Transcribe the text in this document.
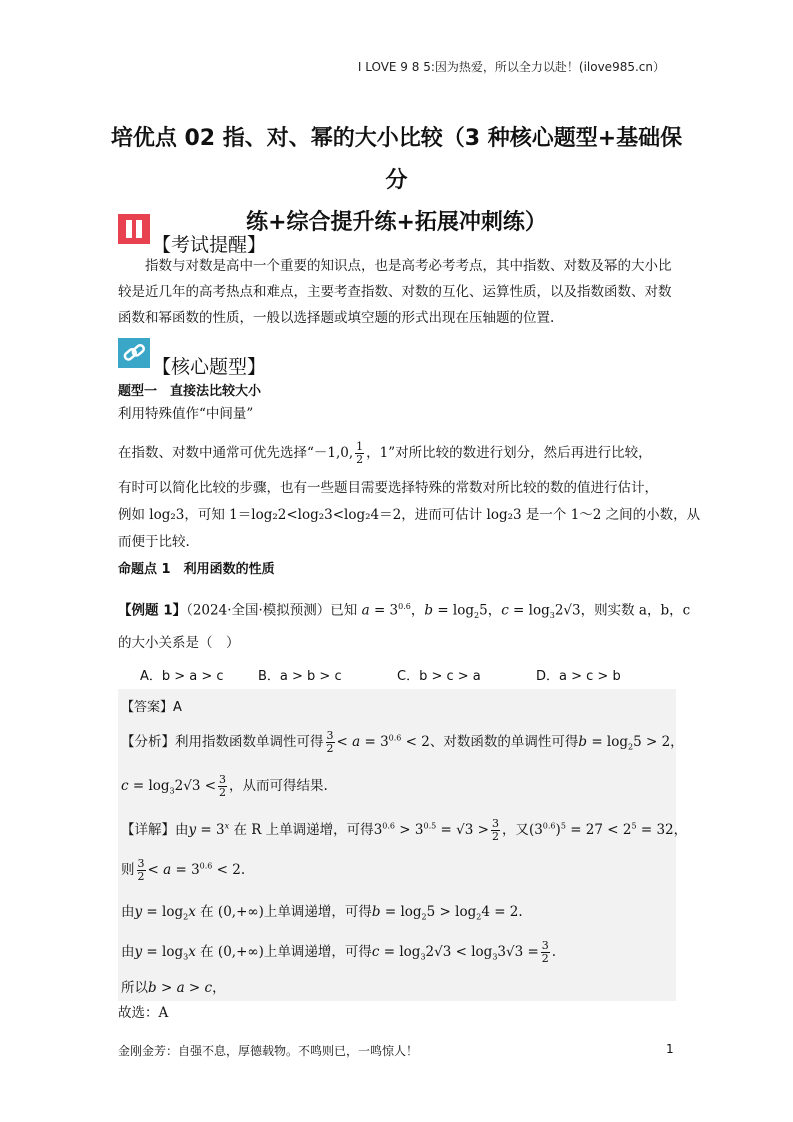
I LOVE 9 8 5:因为热爱，所以全力以赴！(ilove985.cn）
培优点 02 指、对、幂的大小比较（3 种核心题型+基础保分
练+综合提升练+拓展冲刺练）
【考试提醒】
指数与对数是高中一个重要的知识点，也是高考必考考点，其中指数、对数及幂的大小比较是近几年的高考热点和难点，主要考查指数、对数的互化、运算性质，以及指数函数、对数函数和幂函数的性质，一般以选择题或填空题的形式出现在压轴题的位置.
【核心题型】
题型一　直接法比较大小
利用特殊值作“中间量”
在指数、对数中通常可优先选择“－1,0, $\frac{1}{2}$ ，1”对所比较的数进行划分，然后再进行比较，
有时可以简化比较的步骤，也有一些题目需要选择特殊的常数对所比较的数的值进行估计，
例如 log₂3，可知 1＝log₂2<log₂3<log₂4＝2，进而可估计 log₂3 是一个 1～2 之间的小数，从
而便于比较.
命题点 1　利用函数的性质
【例题 1】（2024·全国·模拟预测）已知 $a = 3^{0.6}$，$b = \log_25$，$c = \log_32√3$，则实数 a，b，c
的大小关系是（　）
A．b > a > c	B．a > b > c	C．b > c > a	D．a > c > b
【答案】A
【分析】利用指数函数单调性可得 $\frac{3}{2} < a = 3^{0.6} < 2$、对数函数的单调性可得$b = \log_25 > 2$，
$c = \log_32√3 < \frac{3}{2}$ ，从而可得结果.
【详解】由$y = 3^x$ 在 R 上单调递增，可得$3^{0.6} > 3^{0.5} = √3 > \frac{3}{2}$ ，又$(3^{0.6})^5 = 27 < 2^5 = 32$，
则 $\frac{3}{2} < a = 3^{0.6} < 2$.
由$y = \log_2x$ 在 (0,+∞)上单调递增，可得$b = \log_25 > \log_24 = 2$.
由$y = \log_3x$ 在 (0,+∞)上单调递增，可得$c = \log_32√3 < \log_33√3 = \frac{3}{2}$ .
所以b > a > c，
故选：A
金刚金芳：自强不息，厚德载物。不鸣则已，一鸣惊人！	1
